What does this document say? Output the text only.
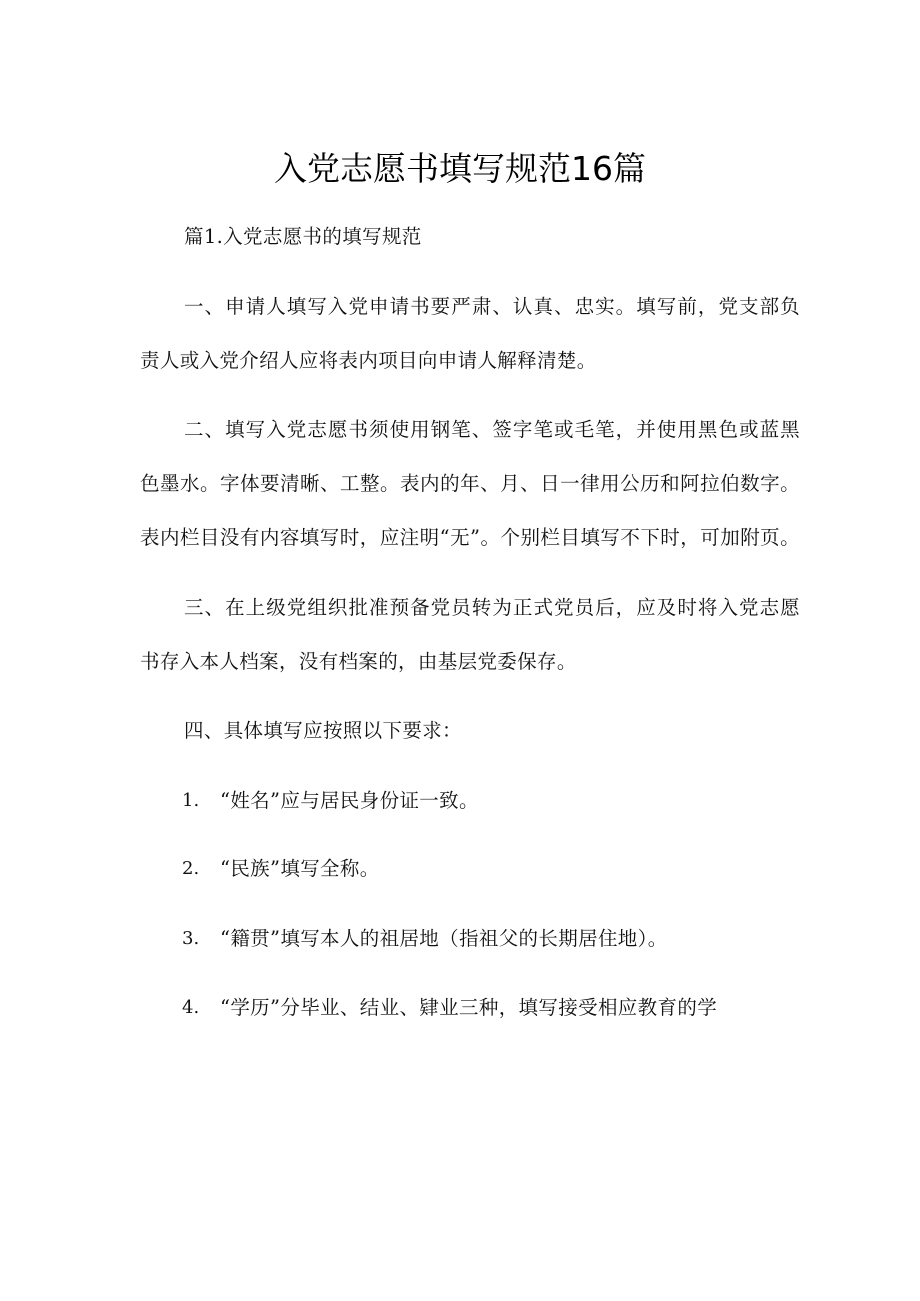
入党志愿书填写规范16篇
篇1.入党志愿书的填写规范
一、申请人填写入党申请书要严肃、认真、忠实。填写前，党支部负
责人或入党介绍人应将表内项目向申请人解释清楚。
二、填写入党志愿书须使用钢笔、签字笔或毛笔，并使用黑色或蓝黑
色墨水。字体要清晰、工整。表内的年、月、日一律用公历和阿拉伯数字。
表内栏目没有内容填写时，应注明“无”。个别栏目填写不下时，可加附页。
三、在上级党组织批准预备党员转为正式党员后，应及时将入党志愿
书存入本人档案，没有档案的，由基层党委保存。
四、具体填写应按照以下要求：
1. “姓名”应与居民身份证一致。
2. “民族”填写全称。
3. “籍贯”填写本人的祖居地（指祖父的长期居住地）。
4. “学历”分毕业、结业、肄业三种，填写接受相应教育的学
